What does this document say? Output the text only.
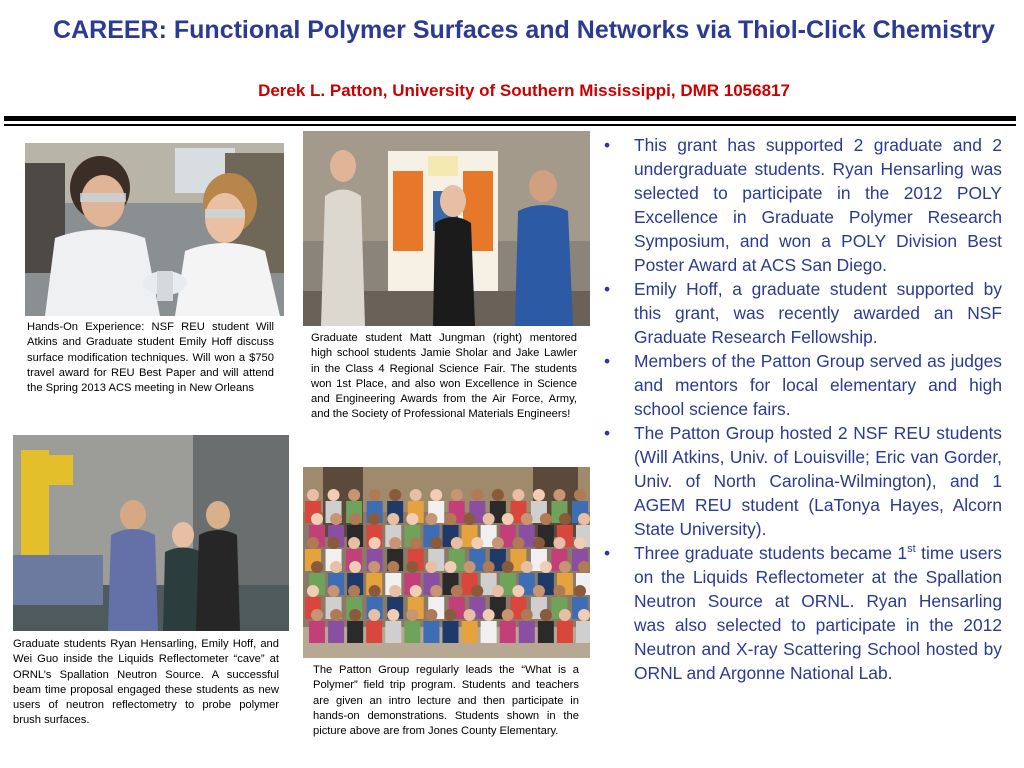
CAREER: Functional Polymer Surfaces and Networks via Thiol-Click Chemistry
Derek L. Patton, University of Southern Mississippi, DMR 1056817
Hands-On Experience: NSF REU student Will Atkins and Graduate student Emily Hoff discuss surface modification techniques. Will won a $750 travel award for REU Best Paper and will attend the Spring 2013 ACS meeting in New Orleans
Graduate student Matt Jungman (right) mentored high school students Jamie Sholar and Jake Lawler in the Class 4 Regional Science Fair. The students won 1st Place, and also won Excellence in Science and Engineering Awards from the Air Force, Army, and the Society of Professional Materials Engineers!
Graduate students Ryan Hensarling, Emily Hoff, and Wei Guo inside the Liquids Reflectometer “cave” at ORNL’s Spallation Neutron Source. A successful beam time proposal engaged these students as new users of neutron reflectometry to probe polymer brush surfaces.
The Patton Group regularly leads the “What is a Polymer” field trip program. Students and teachers are given an intro lecture and then participate in hands-on demonstrations. Students shown in the picture above are from Jones County Elementary.
• This grant has supported 2 graduate and 2 undergraduate students. Ryan Hensarling was selected to participate in the 2012 POLY Excellence in Graduate Polymer Research Symposium, and won a POLY Division Best Poster Award at ACS San Diego.
• Emily Hoff, a graduate student supported by this grant, was recently awarded an NSF Graduate Research Fellowship.
• Members of the Patton Group served as judges and mentors for local elementary and high school science fairs.
• The Patton Group hosted 2 NSF REU students (Will Atkins, Univ. of Louisville; Eric van Gorder, Univ. of North Carolina-Wilmington), and 1 AGEM REU student (LaTonya Hayes, Alcorn State University).
• Three graduate students became 1st time users on the Liquids Reflectometer at the Spallation Neutron Source at ORNL. Ryan Hensarling was also selected to participate in the 2012 Neutron and X-ray Scattering School hosted by ORNL and Argonne National Lab.
